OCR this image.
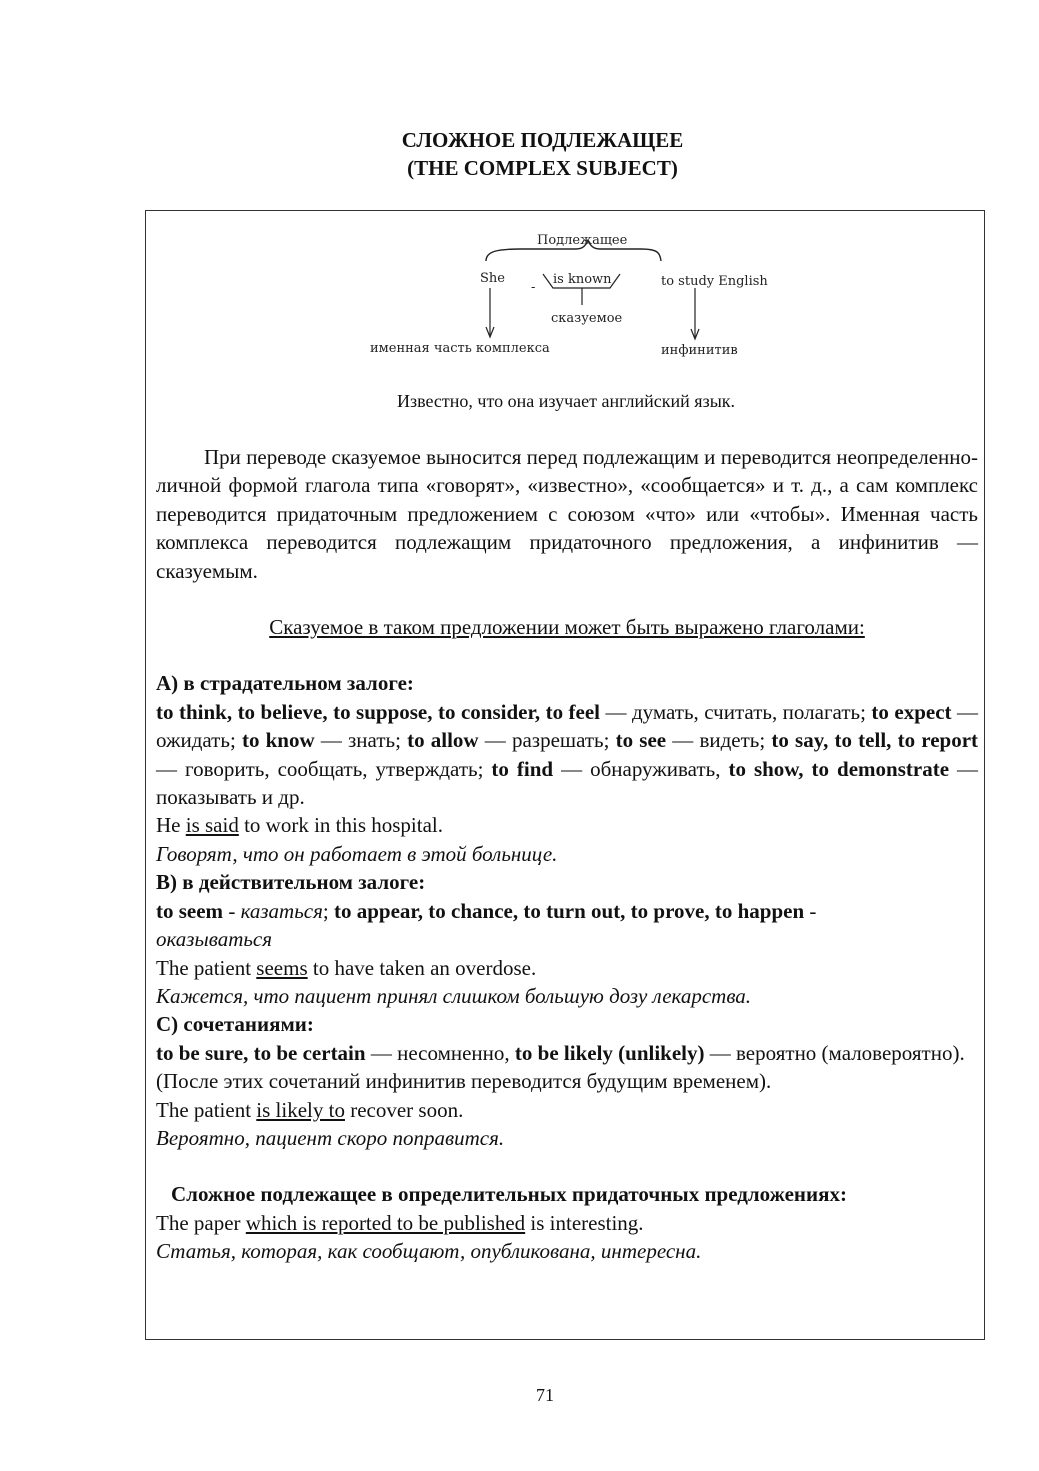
СЛОЖНОЕ ПОДЛЕЖАЩЕЕ
(THE COMPLEX SUBJECT)
Подлежащее
She
-
is known	to study English
сказуемое
именная часть комплекса	инфинитив
Известно, что она изучает английский язык.

При переводе сказуемое выносится перед подлежащим и переводится неопределенно-личной формой глагола типа «говорят», «известно», «сообщается» и т. д., а сам комплекс переводится придаточным предложением с союзом «что» или «чтобы». Именная часть комплекса переводится подлежащим придаточного предложения, а инфинитив — сказуемым.

Сказуемое в таком предложении может быть выражено глаголами:

А) в страдательном залоге:

to think, to believe, to suppose, to consider, to feel — думать, считать, полагать; to expect — ожидать; to know — знать; to allow — разрешать; to see — видеть; to say, to tell, to report — говорить, сообщать, утверждать; to find — обнаруживать, to show, to demonstrate — показывать и др.

He is said to work in this hospital.

Говорят, что он работает в этой больнице.

В) в действительном залоге:

to seem - казаться; to appear, to chance, to turn out, to prove, to happen -
оказываться

The patient seems to have taken an overdose.

Кажется, что пациент принял слишком большую дозу лекарства.

С) сочетаниями:

to be sure, to be certain — несомненно, to be likely (unlikely) — вероятно (маловероятно).

(После этих сочетаний инфинитив переводится будущим временем).

The patient is likely to recover soon.

Вероятно, пациент скоро поправится.

Сложное подлежащее в определительных придаточных предложениях:

The paper which is reported to be published is interesting.

Статья, которая, как сообщают, опубликована, интересна.

71
